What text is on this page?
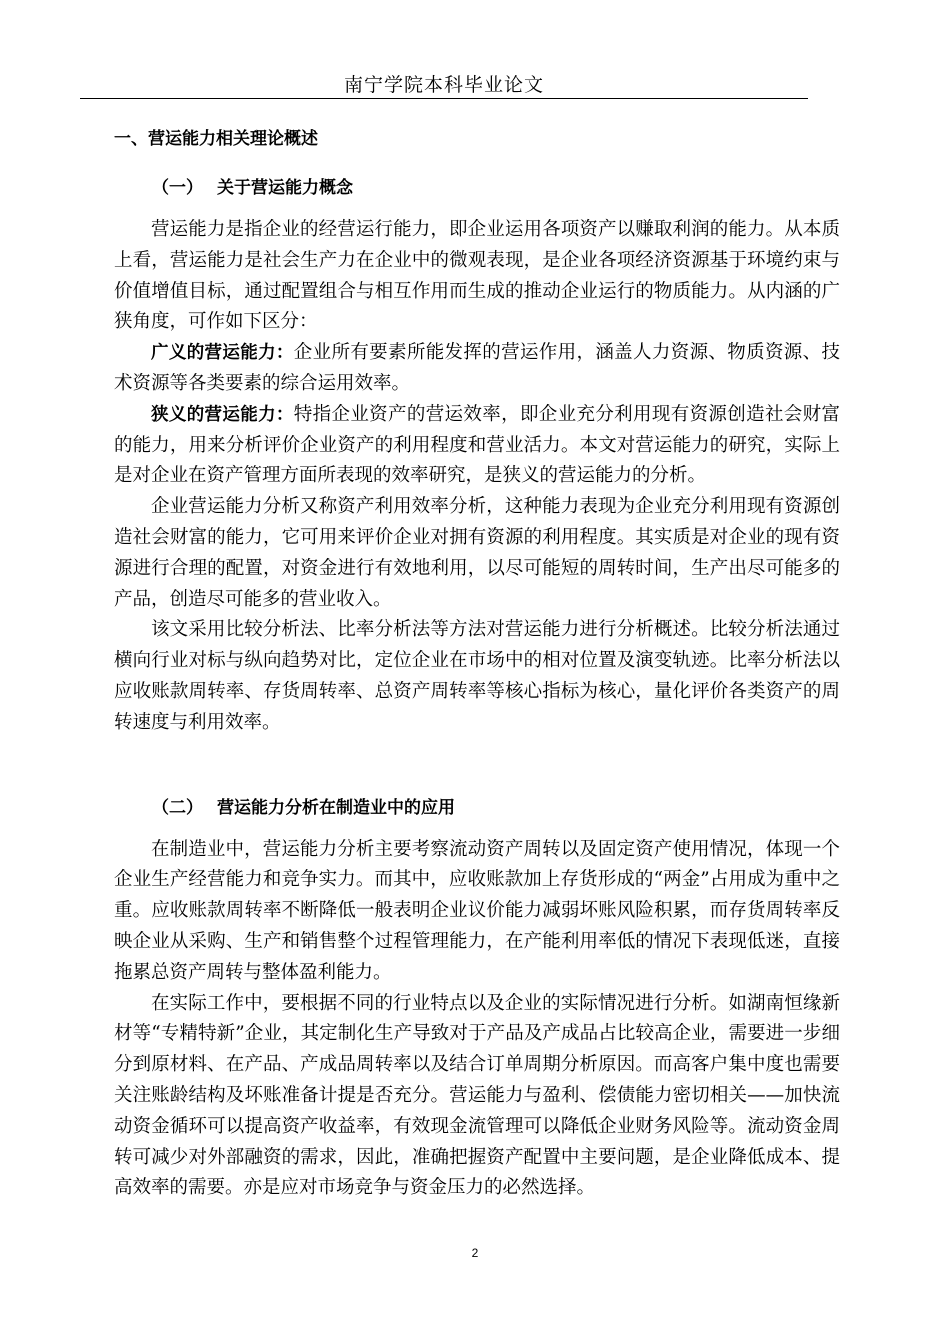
南宁学院本科毕业论文
一、营运能力相关理论概述
（一） 关于营运能力概念

营运能力是指企业的经营运行能力，即企业运用各项资产以赚取利润的能力。从本质上看，营运能力是社会生产力在企业中的微观表现，是企业各项经济资源基于环境约束与价值增值目标，通过配置组合与相互作用而生成的推动企业运行的物质能力。从内涵的广狭角度，可作如下区分：

广义的营运能力：企业所有要素所能发挥的营运作用，涵盖人力资源、物质资源、技术资源等各类要素的综合运用效率。

狭义的营运能力：特指企业资产的营运效率，即企业充分利用现有资源创造社会财富的能力，用来分析评价企业资产的利用程度和营业活力。本文对营运能力的研究，实际上是对企业在资产管理方面所表现的效率研究，是狭义的营运能力的分析。

企业营运能力分析又称资产利用效率分析，这种能力表现为企业充分利用现有资源创造社会财富的能力，它可用来评价企业对拥有资源的利用程度。其实质是对企业的现有资源进行合理的配置，对资金进行有效地利用，以尽可能短的周转时间，生产出尽可能多的产品，创造尽可能多的营业收入。

该文采用比较分析法、比率分析法等方法对营运能力进行分析概述。比较分析法通过横向行业对标与纵向趋势对比，定位企业在市场中的相对位置及演变轨迹。比率分析法以应收账款周转率、存货周转率、总资产周转率等核心指标为核心，量化评价各类资产的周转速度与利用效率。

（二） 营运能力分析在制造业中的应用

在制造业中，营运能力分析主要考察流动资产周转以及固定资产使用情况，体现一个企业生产经营能力和竞争实力。而其中，应收账款加上存货形成的“两金”占用成为重中之重。应收账款周转率不断降低一般表明企业议价能力减弱坏账风险积累，而存货周转率反映企业从采购、生产和销售整个过程管理能力，在产能利用率低的情况下表现低迷，直接拖累总资产周转与整体盈利能力。

在实际工作中，要根据不同的行业特点以及企业的实际情况进行分析。如湖南恒缘新材等“专精特新”企业，其定制化生产导致对于产品及产成品占比较高企业，需要进一步细分到原材料、在产品、产成品周转率以及结合订单周期分析原因。而高客户集中度也需要关注账龄结构及坏账准备计提是否充分。营运能力与盈利、偿债能力密切相关——加快流动资金循环可以提高资产收益率，有效现金流管理可以降低企业财务风险等。流动资金周转可减少对外部融资的需求，因此，准确把握资产配置中主要问题，是企业降低成本、提高效率的需要。亦是应对市场竞争与资金压力的必然选择。

2
